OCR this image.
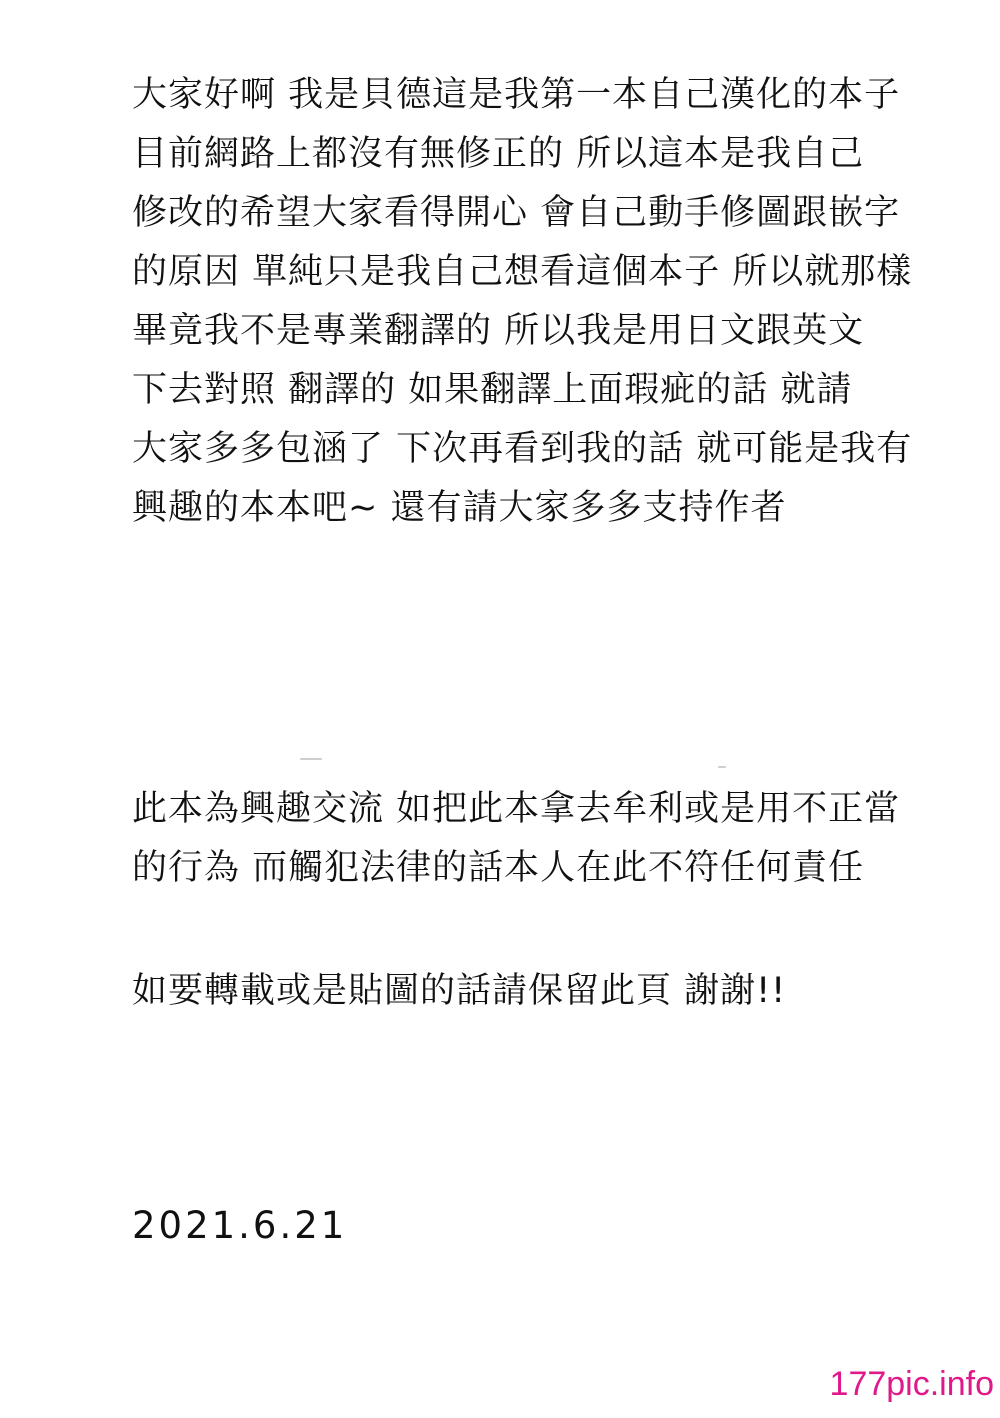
大家好啊 我是貝德這是我第一本自己漢化的本子
目前網路上都沒有無修正的 所以這本是我自己
修改的希望大家看得開心 會自己動手修圖跟嵌字
的原因 單純只是我自己想看這個本子 所以就那樣
畢竟我不是專業翻譯的 所以我是用日文跟英文
下去對照 翻譯的 如果翻譯上面瑕疵的話 就請
大家多多包涵了 下次再看到我的話 就可能是我有
興趣的本本吧~ 還有請大家多多支持作者
此本為興趣交流 如把此本拿去牟利或是用不正當
的行為 而觸犯法律的話本人在此不符任何責任
如要轉載或是貼圖的話請保留此頁 謝謝!!
2021.6.21
177pic.info
